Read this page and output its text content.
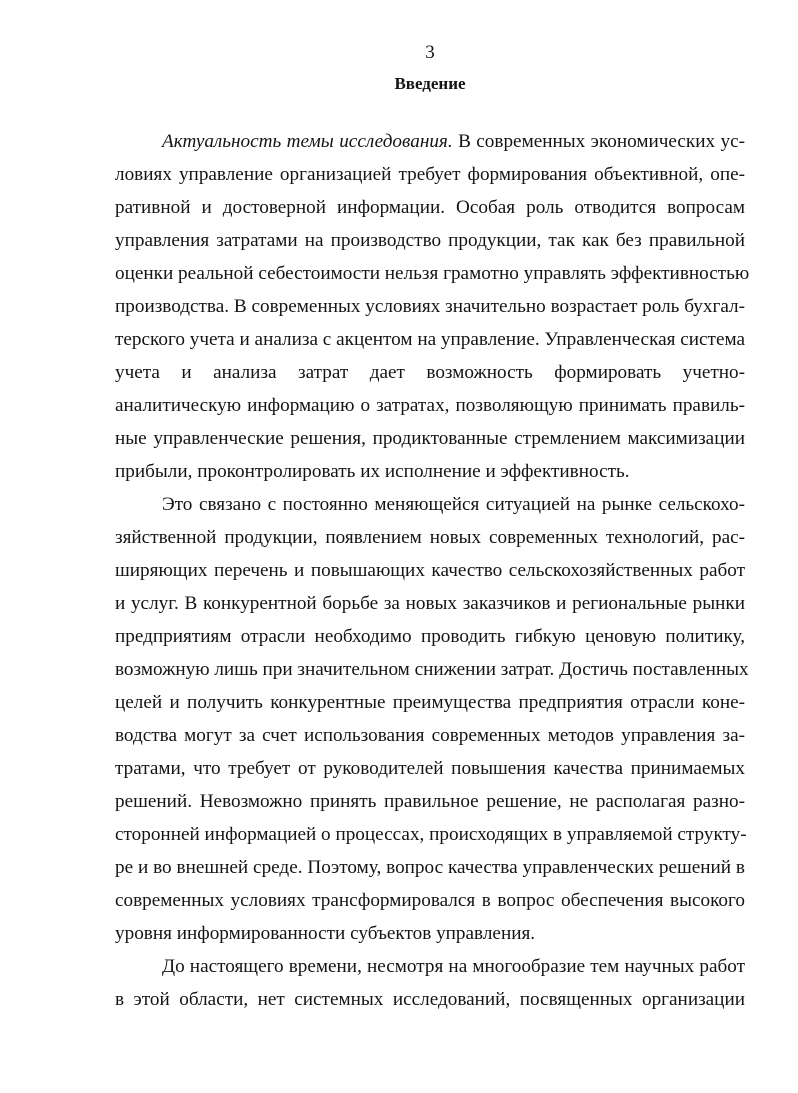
3
Введение
Актуальность темы исследования. В современных экономических ус-
ловиях управление организацией требует формирования объективной, опе-
ративной и достоверной информации. Особая роль отводится вопросам
управления затратами на производство продукции, так как без правильной
оценки реальной себестоимости нельзя грамотно управлять эффективностью
производства. В современных условиях значительно возрастает роль бухгал-
терского учета и анализа с акцентом на управление. Управленческая система
учета и анализа затрат дает возможность формировать учетно-
аналитическую информацию о затратах, позволяющую принимать правиль-
ные управленческие решения, продиктованные стремлением максимизации
прибыли, проконтролировать их исполнение и эффективность.
Это связано с постоянно меняющейся ситуацией на рынке сельскохо-
зяйственной продукции, появлением новых современных технологий, рас-
ширяющих перечень и повышающих качество сельскохозяйственных работ
и услуг. В конкурентной борьбе за новых заказчиков и региональные рынки
предприятиям отрасли необходимо проводить гибкую ценовую политику,
возможную лишь при значительном снижении затрат. Достичь поставленных
целей и получить конкурентные преимущества предприятия отрасли коне-
водства могут за счет использования современных методов управления за-
тратами, что требует от руководителей повышения качества принимаемых
решений. Невозможно принять правильное решение, не располагая разно-
сторонней информацией о процессах, происходящих в управляемой структу-
ре и во внешней среде. Поэтому, вопрос качества управленческих решений в
современных условиях трансформировался в вопрос обеспечения высокого
уровня информированности субъектов управления.
До настоящего времени, несмотря на многообразие тем научных работ
в этой области, нет системных исследований, посвященных организации
